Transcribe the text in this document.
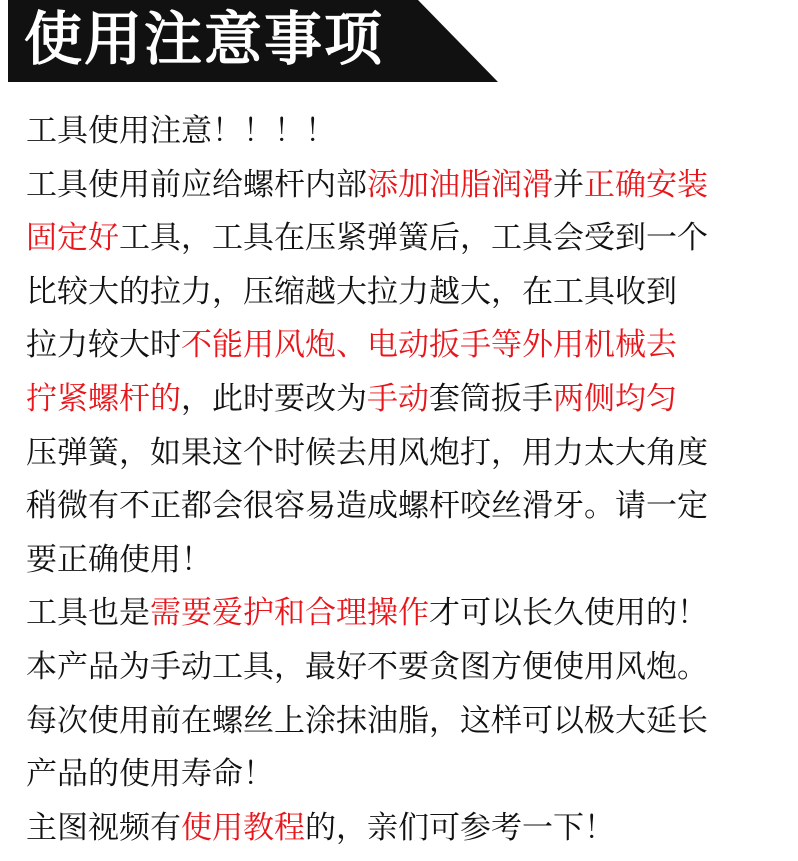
使用注意事项
工具使用注意！！！！
工具使用前应给螺杆内部添加油脂润滑并正确安装
固定好工具，工具在压紧弹簧后，工具会受到一个
比较大的拉力，压缩越大拉力越大，在工具收到
拉力较大时不能用风炮、电动扳手等外用机械去
拧紧螺杆的，此时要改为手动套筒扳手两侧均匀
压弹簧，如果这个时候去用风炮打，用力太大角度
稍微有不正都会很容易造成螺杆咬丝滑牙。请一定
要正确使用！
工具也是需要爱护和合理操作才可以长久使用的！
本产品为手动工具，最好不要贪图方便使用风炮。
每次使用前在螺丝上涂抹油脂，这样可以极大延长
产品的使用寿命！
主图视频有使用教程的，亲们可参考一下！
